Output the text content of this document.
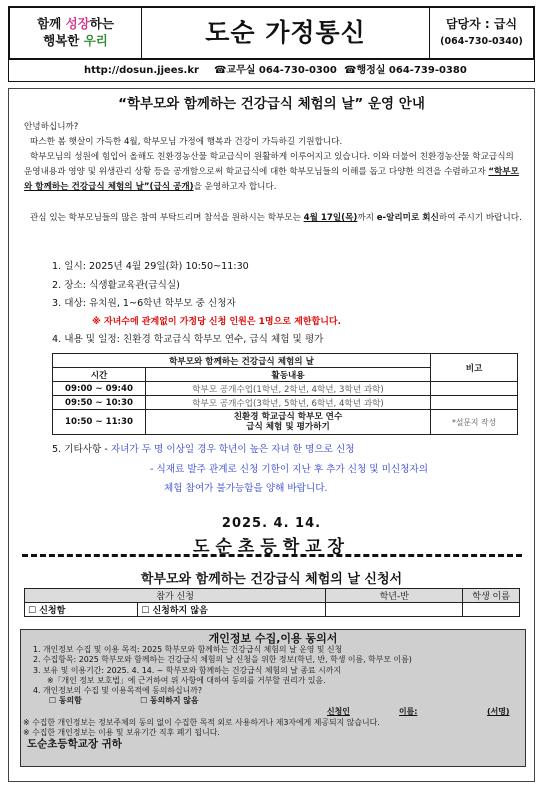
함께 성장하는
행복한 우리	도순 가정통신	담당자 : 급식
(064-730-0340)
http://dosun.jjees.kr ☎교무실 064-730-0300 ☎행정실 064-739-0380
“학부모와 함께하는 건강급식 체험의 날” 운영 안내
안녕하십니까?
따스한 봄 햇살이 가득한 4월, 학부모님 가정에 행복과 건강이 가득하길 기원합니다.
학부모님의 성원에 힘입어 올해도 친환경농산물 학교급식이 원활하게 이루어지고 있습니다. 이와 더불어 친환경농산물 학교급식의 운영내용과 영양 및 위생관리 상황 등을 공개함으로써 학교급식에 대한 학부모님들의 이해를 돕고 다양한 의견을 수렴하고자 “학부모와 함께하는 건강급식 체험의 날”(급식 공개)을 운영하고자 합니다.
관심 있는 학부모님들의 많은 참여 부탁드리며 참석을 원하시는 학부모는 4월 17일(목)까지 e-알리미로 회신하여 주시기 바랍니다.
1. 일시: 2025년 4월 29일(화) 10:50~11:30
2. 장소: 식생활교육관(급식실)
3. 대상: 유치원, 1~6학년 학부모 중 신청자
※ 자녀수에 관계없이 가정당 신청 인원은 1명으로 제한합니다.
4. 내용 및 일정: 친환경 학교급식 학부모 연수, 급식 체험 및 평가
학부모와 함께하는 건강급식 체험의 날		비고
시간	활동내용	
09:00 ~ 09:40	학부모 공개수업(1학년, 2학년, 4학년, 3학년 과학)	
09:50 ~ 10:30	학부모 공개수업(3학년, 5학년, 6학년, 4학년 과학)	
10:50 ~ 11:30	친환경 학교급식 학부모 연수
급식 체험 및 평가하기	*설문지 작성
5. 기타사항 - 자녀가 두 명 이상일 경우 학년이 높은 자녀 한 명으로 신청
- 식재료 발주 관계로 신청 기한이 지난 후 추가 신청 및 미신청자의
체험 참여가 불가능함을 양해 바랍니다.
2025. 4. 14.
도순초등학교장
학부모와 함께하는 건강급식 체험의 날 신청서
참가 신청		학년-반	학생 이름
☐ 신청함	☐ 신청하지 않음		
개인정보 수집,이용 동의서
1. 개인정보 수집 및 이용 목적: 2025 학부모와 함께하는 건강급식 체험의 날 운영 및 신청
2. 수집항목: 2025 학부모와 함께하는 건강급식 체험의 날 신청을 위한 정보(학년, 반, 학생 이름, 학부모 이름)
3. 보유 및 이용기간: 2025. 4. 14. ~ 학부모와 함께하는 건강급식 체험의 날 종료 시까지
※「개인 정보 보호법」에 근거하여 위 사항에 대하여 동의를 거부할 권리가 있음.
4. 개인정보의 수집 및 이용목적에 동의하십니까?
☐ 동의함	☐ 동의하지 않음
신청인	이름:	(서명)
※ 수집한 개인정보는 정보주체의 동의 없이 수집한 목적 외로 사용하거나 제3자에게 제공되지 않습니다.
※ 수집한 개인정보는 이용 및 보유기간 직후 폐기 됩니다.
도순초등학교장 귀하
